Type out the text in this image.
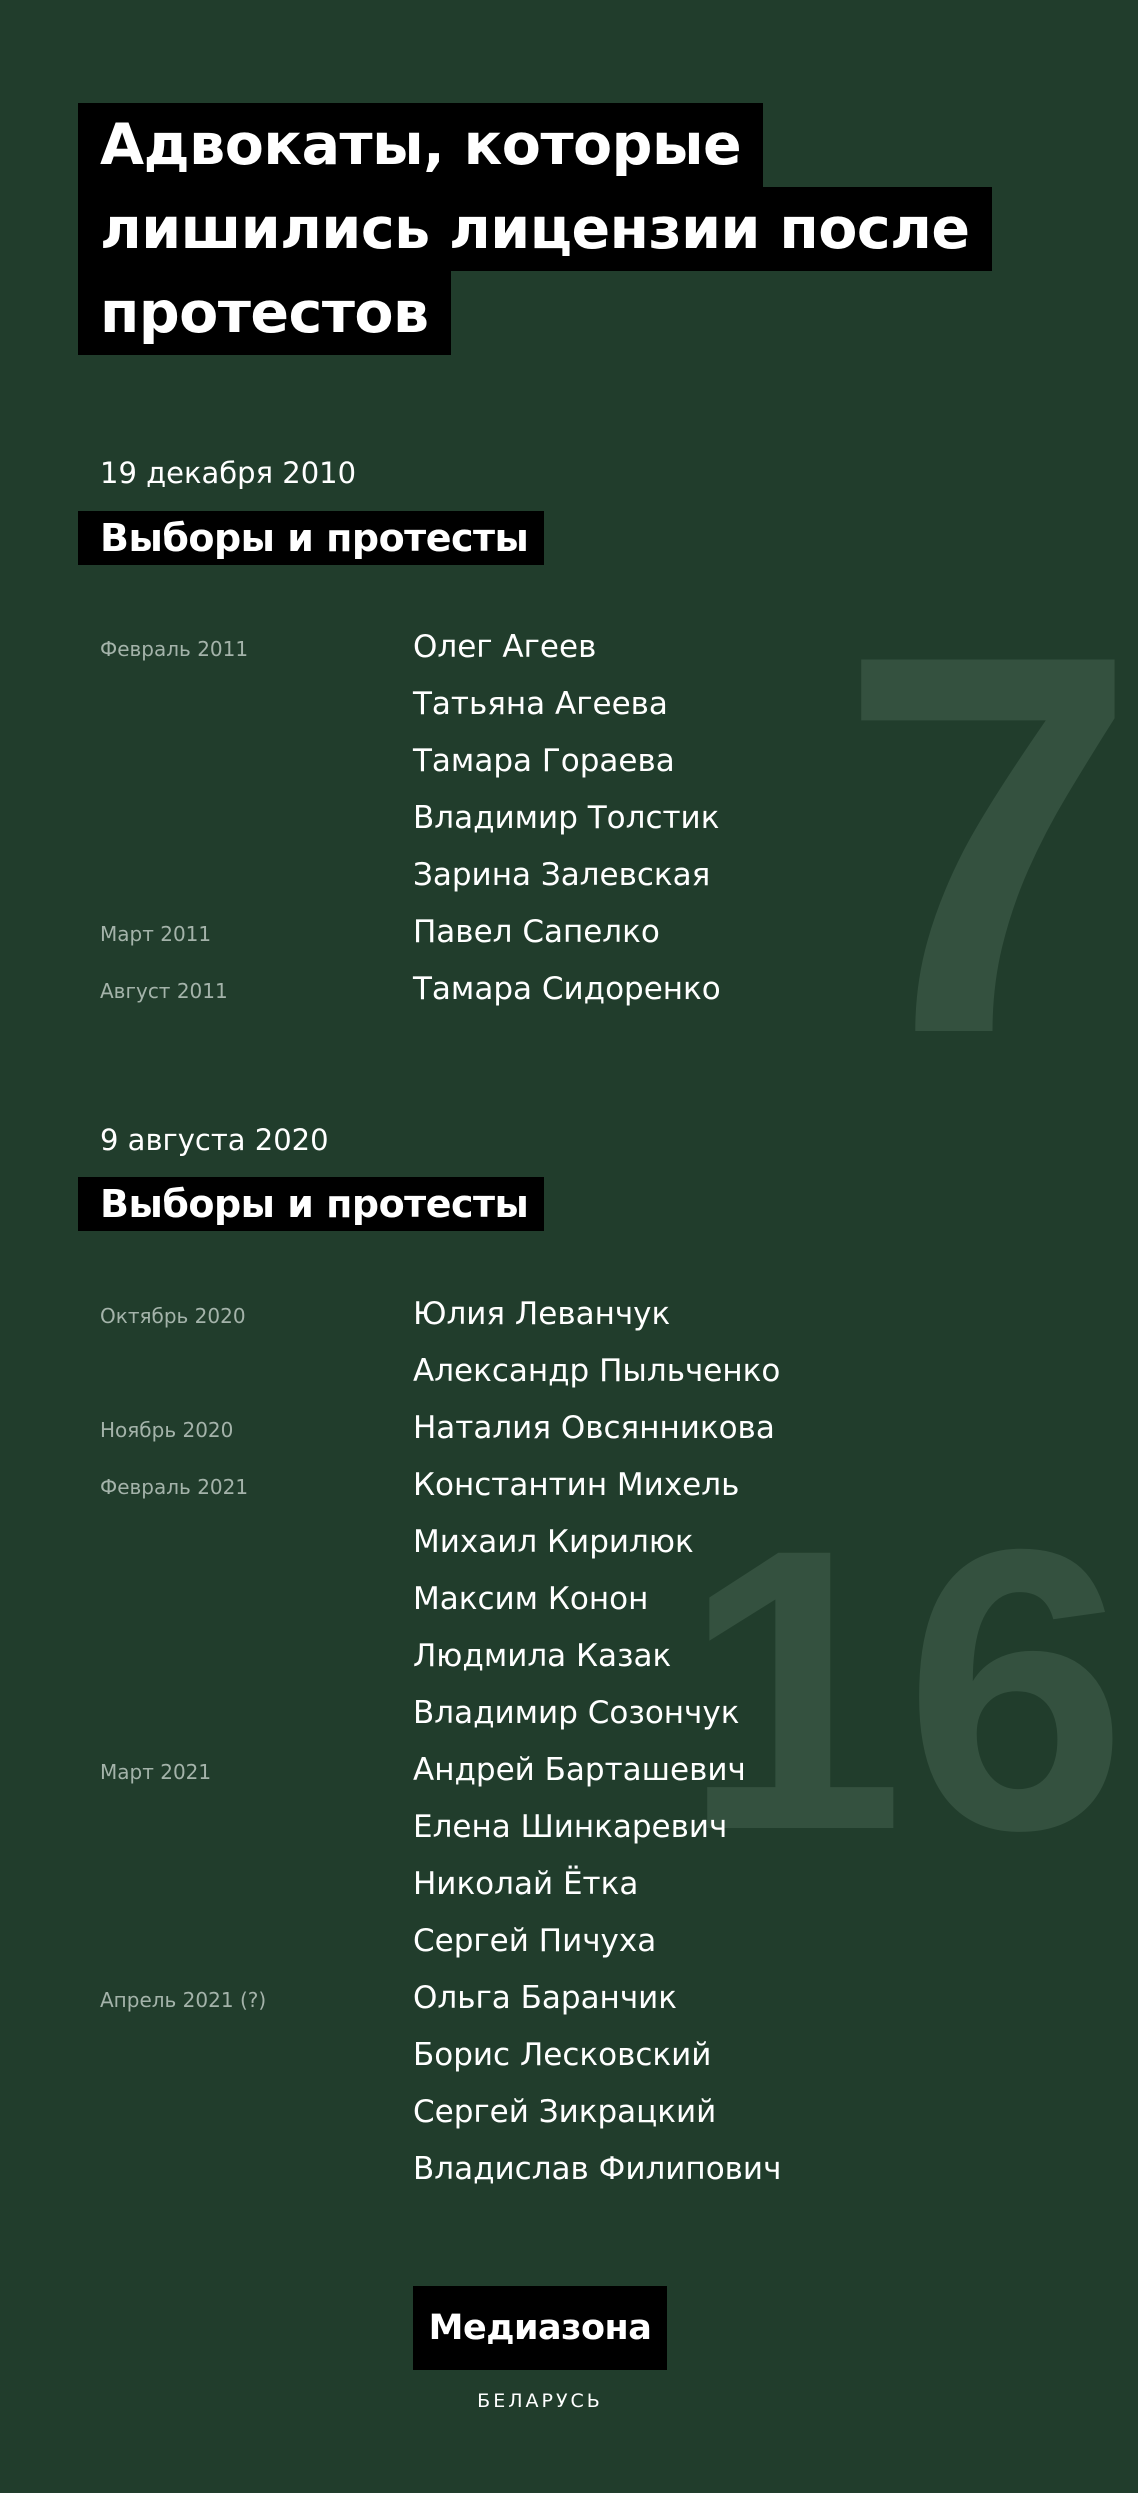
Адвокаты, которые
лишились лицензии после
протестов
7
19 декабря 2010
Выборы и протесты
Февраль 2011	Олег Агеев
Татьяна Агеева
Тамара Гораева
Владимир Толстик
Зарина Залевская
Март 2011	Павел Сапелко
Август 2011	Тамара Сидоренко
16
9 августа 2020
Выборы и протесты
Октябрь 2020	Юлия Леванчук
Александр Пыльченко
Ноябрь 2020	Наталия Овсянникова
Февраль 2021	Константин Михель
Михаил Кирилюк
Максим Конон
Людмила Казак
Владимир Созончук
Март 2021	Андрей Барташевич
Елена Шинкаревич
Николай Ётка
Сергей Пичуха
Апрель 2021 (?)	Ольга Баранчик
Борис Лесковский
Сергей Зикрацкий
Владислав Филипович
Медиазона
БЕЛАРУСЬ
